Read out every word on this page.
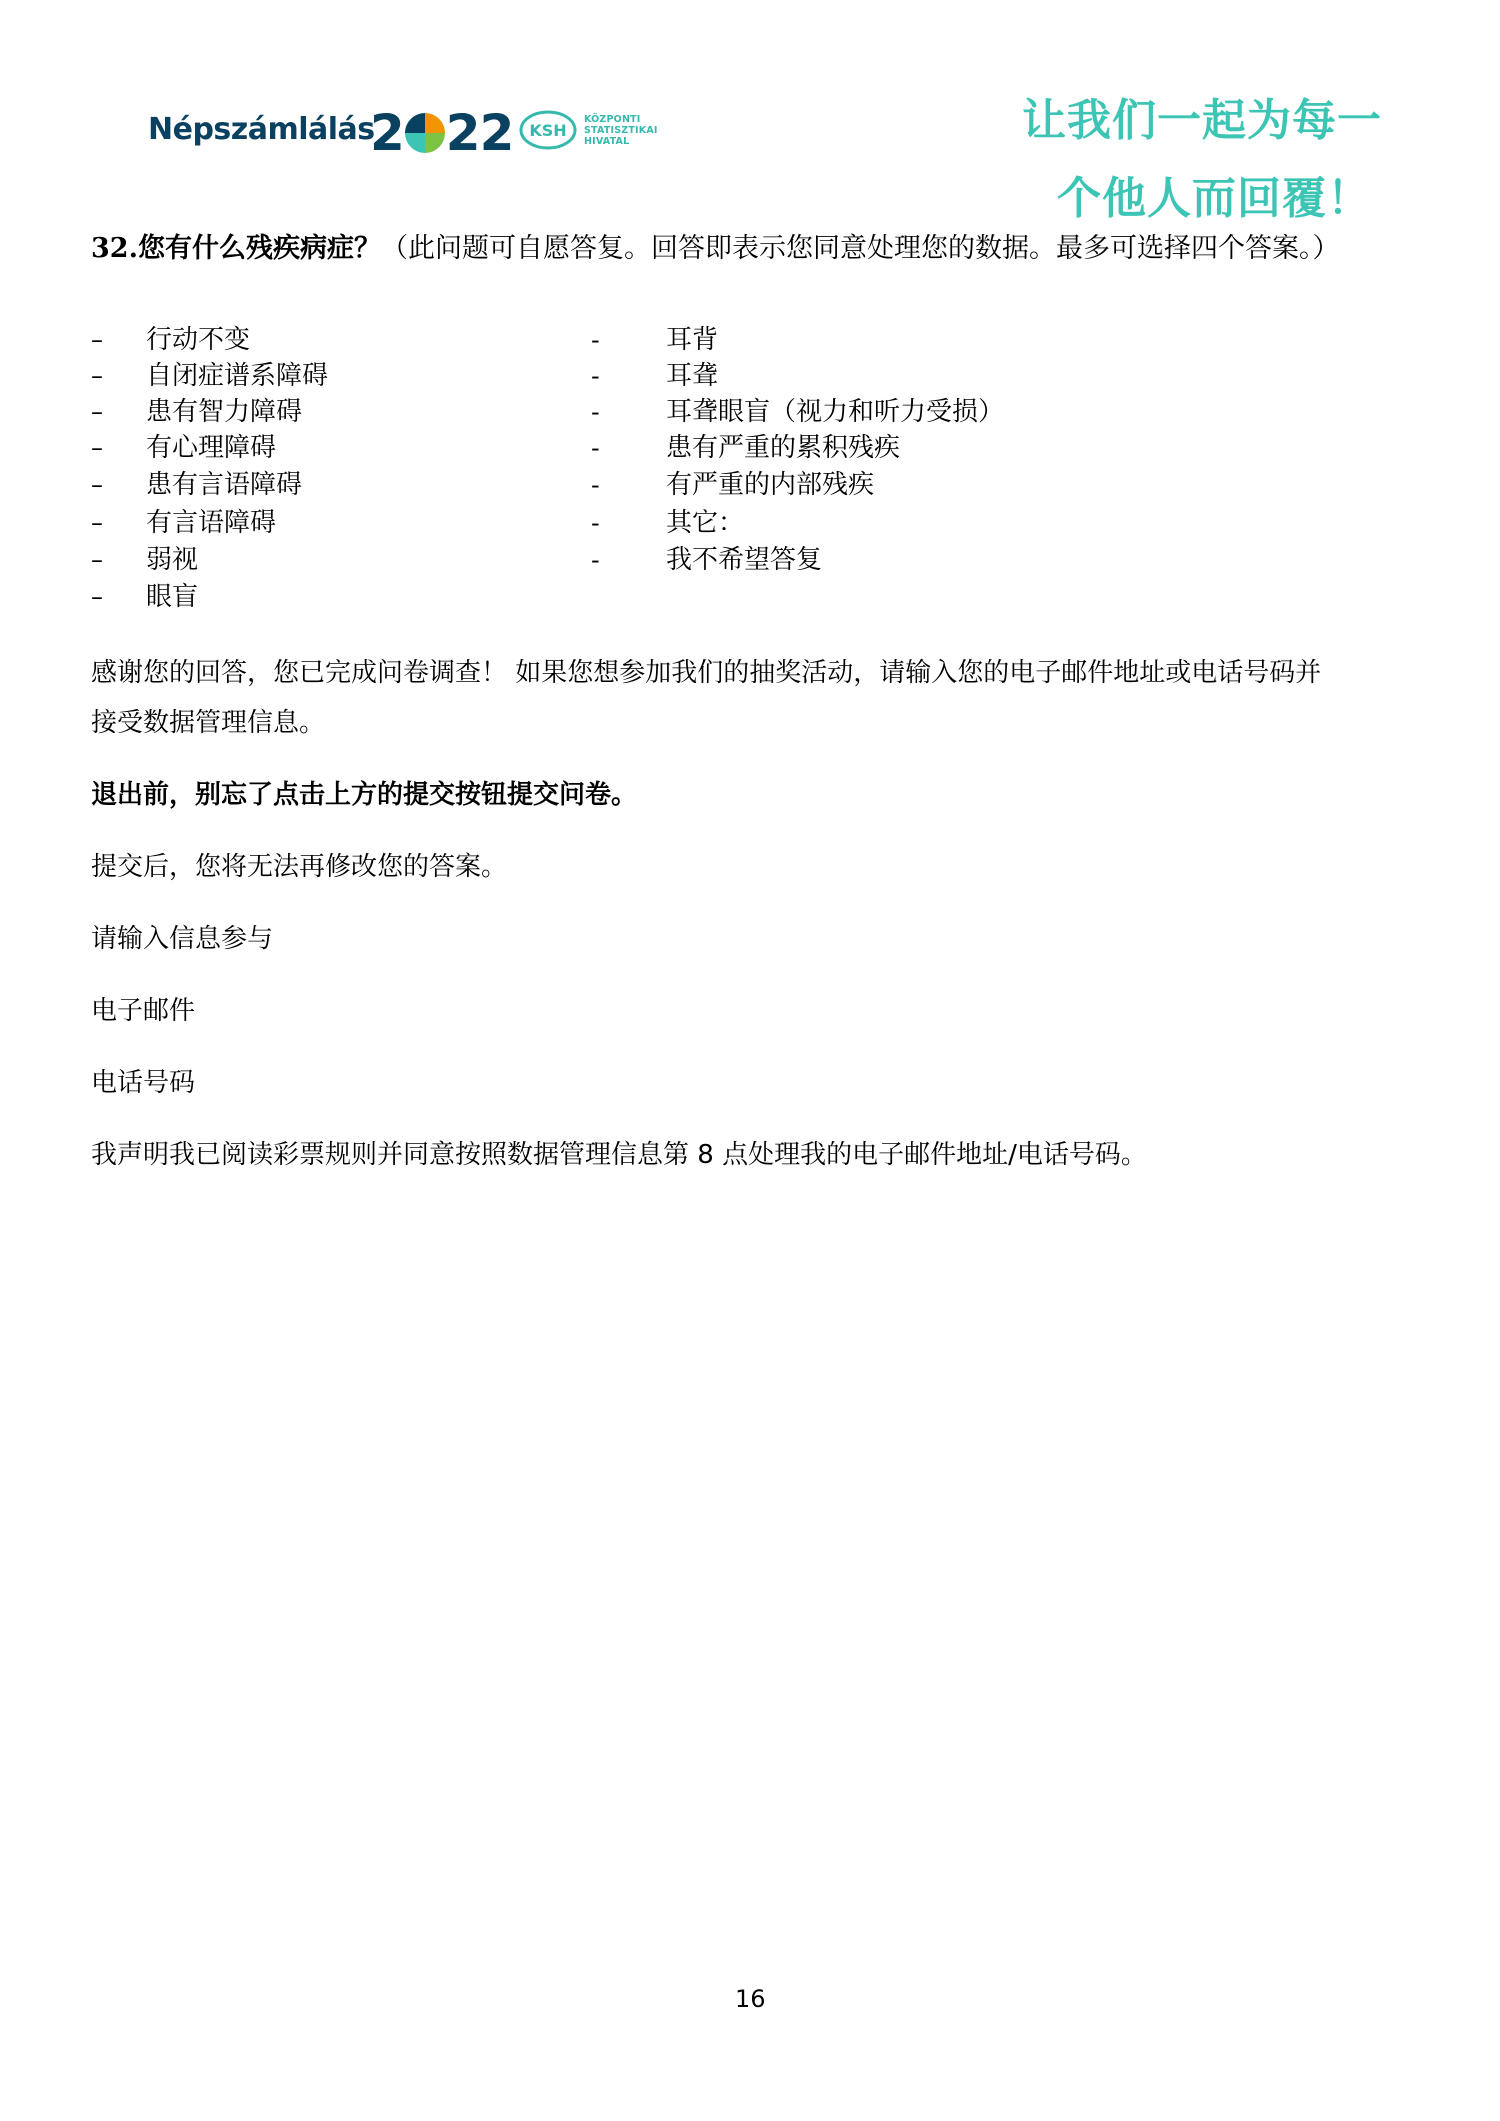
Népszámlálás
2 22 KSH
KÖZPONTI
STATISZTIKAI
HIVATAL	让我们一起为每一
个他人而回覆！
32.您有什么残疾病症？（此问题可自愿答复。回答即表示您同意处理您的数据。最多可选择四个答案。）
–	行动不变
–	自闭症谱系障碍
–	患有智力障碍
–	有心理障碍
–	患有言语障碍
–	有言语障碍
–	弱视
–	眼盲
-	耳背
-	耳聋
-	耳聋眼盲（视力和听力受损）
-	患有严重的累积残疾
-	有严重的内部残疾
-	其它：
-	我不希望答复
感谢您的回答，您已完成问卷调查！ 如果您想参加我们的抽奖活动，请输入您的电子邮件地址或电话号码并
接受数据管理信息。
退出前，别忘了点击上方的提交按钮提交问卷。
提交后，您将无法再修改您的答案。
请输入信息参与
电子邮件
电话号码
我声明我已阅读彩票规则并同意按照数据管理信息第 8 点处理我的电子邮件地址/电话号码。
16
